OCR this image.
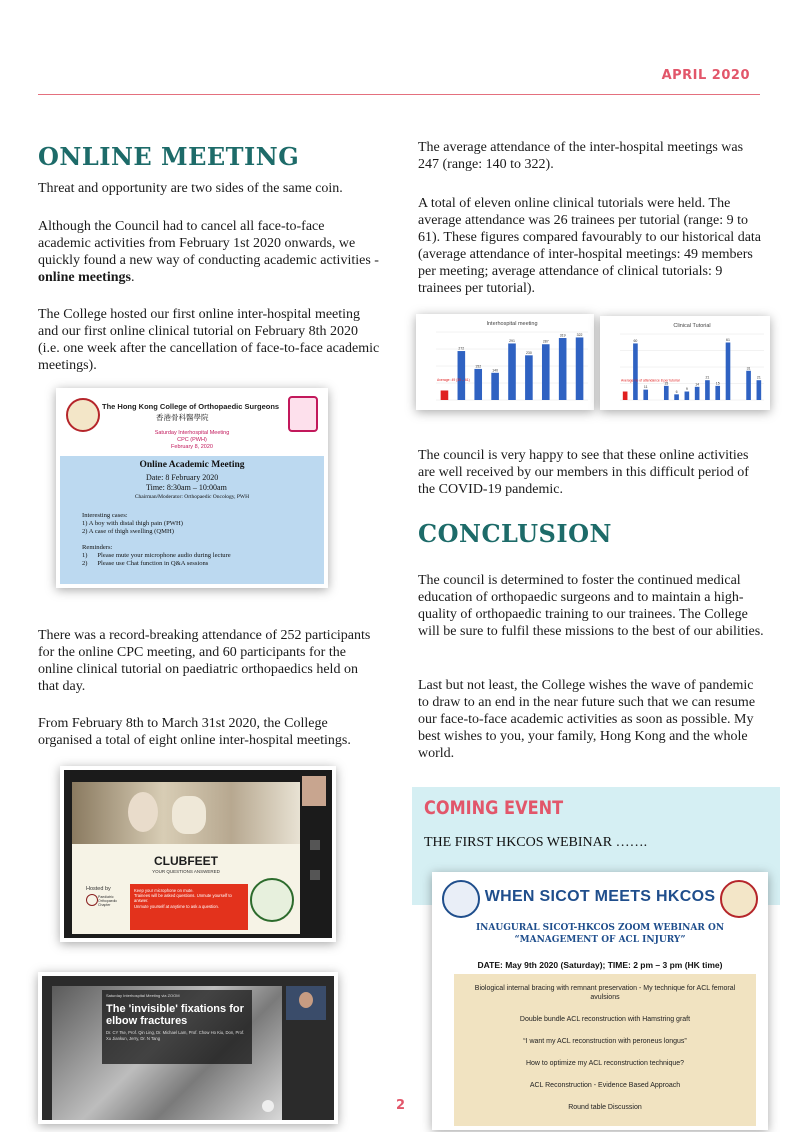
APRIL 2020
ONLINE MEETING
Threat and opportunity are two sides of the same coin.
Although the Council had to cancel all face-to-face academic activities from February 1st 2020 onwards, we quickly found a new way of conducting academic activities - online meetings.
The College hosted our first online inter-hospital meeting and our first online clinical tutorial on February 8th 2020 (i.e. one week after the cancellation of face-to-face academic meetings).
The Hong Kong College of Orthopaedic Surgeons
香港骨科醫學院
Saturday Interhospital Meeting
CPC (PWH)
February 8, 2020
Online Academic Meeting
Date: 8 February 2020
Time: 8:30am – 10:00am
Chairman/Moderator: Orthopaedic Oncology, PWH
Interesting cases:
1) A boy with distal thigh pain (PWH)
2) A case of thigh swelling (QMH)
Reminders:
1) Please mute your microphone audio during lecture
2) Please use Chat function in Q&A sessions
There was a record-breaking attendance of 252 participants for the online CPC meeting, and 60 participants for the online clinical tutorial on paediatric orthopaedics held on that day.
From February 8th to March 31st 2020, the College organised a total of eight online inter-hospital meetings.
CLUBFEET
YOUR QUESTIONS ANSWERED
Hosted by
Paediatric Orthopaedic Chapter
Keep your microphone on mute.
Trainees will be asked questions. Unmute yourself to answer.
Unmute yourself at anytime to ask a question.
Saturday Interhospital Meeting via ZOOM
The 'invisible' fixations for elbow fractures
Dr. CY Tse, Prof. Qin Ling, Dr. Michael Lam, Prof. Chow Ho Kiu, Don, Prof. Xu Jiankun, Jerry, Dr. N Tang
The average attendance of the inter-hospital meetings was 247 (range: 140 to 322).
A total of eleven online clinical tutorials were held. The average attendance was 26 trainees per tutorial (range: 9 to 61). These figures compared favourably to our historical data (average attendance of inter-hospital meetings: 49 members per meeting; average attendance of clinical tutorials: 9 trainees per tutorial).
Interhospital meeting
272
152
140
291
230
287
319	322
Average: 49 (39 – 61)
Clinical Tutorial
60
11
15
6
9
14
21
15
61
31
21
Average no of attendance 8 per tutorial
The council is very happy to see that these online activities are well received by our members in this difficult period of the COVID-19 pandemic.
CONCLUSION
The council is determined to foster the continued medical education of orthopaedic surgeons and to maintain a high-quality of orthopaedic training to our trainees. The College will be sure to fulfil these missions to the best of our abilities.
Last but not least, the College wishes the wave of pandemic to draw to an end in the near future such that we can resume our face-to-face academic activities as soon as possible. My best wishes to you, your family, Hong Kong and the whole world.
COMING EVENT
THE FIRST HKCOS WEBINAR …….
WHEN SICOT MEETS HKCOS
INAUGURAL SICOT-HKCOS ZOOM WEBINAR ON
“MANAGEMENT OF ACL INJURY”
DATE: May 9th 2020 (Saturday); TIME: 2 pm – 3 pm (HK time)
Biological internal bracing with remnant preservation - My technique for ACL femoral avulsions
Double bundle ACL reconstruction with Hamstring graft
“I want my ACL reconstruction with peroneus longus”
How to optimize my ACL reconstruction technique?
ACL Reconstruction - Evidence Based Approach
Round table Discussion
2
